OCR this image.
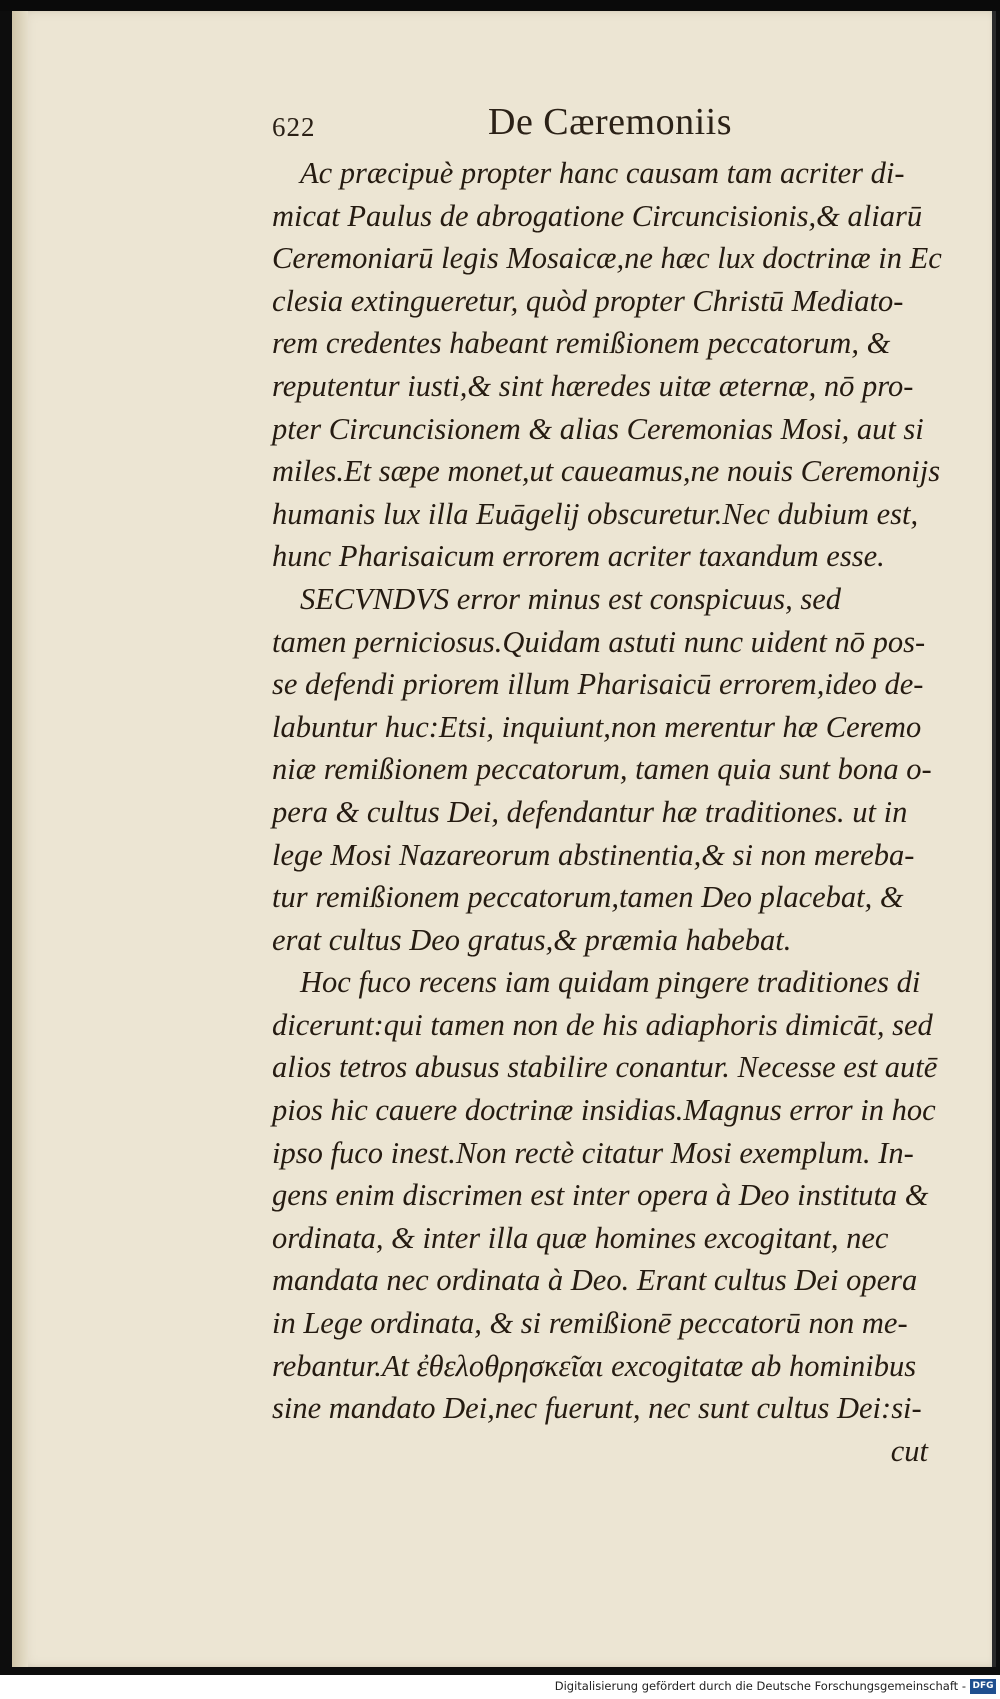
622	De Cæremoniis
Ac præcipuè propter hanc causam tam acriter di-
micat Paulus de abrogatione Circuncisionis,& aliarū
Ceremoniarū legis Mosaicæ,ne hæc lux doctrinæ in Ec
clesia extingueretur, quòd propter Christū Mediato-
rem credentes habeant remißionem peccatorum, &
reputentur iusti,& sint hæredes uitæ æternæ, nō pro-
pter Circuncisionem & alias Ceremonias Mosi, aut si
miles.Et sæpe monet,ut caueamus,ne nouis Ceremonijs
humanis lux illa Euāgelij obscuretur.Nec dubium est,
hunc Pharisaicum errorem acriter taxandum esse.
SECVNDVS error minus est conspicuus, sed
tamen perniciosus.Quidam astuti nunc uident nō pos-
se defendi priorem illum Pharisaicū errorem,ideo de-
labuntur huc:Etsi, inquiunt,non merentur hæ Ceremo
niæ remißionem peccatorum, tamen quia sunt bona o-
pera & cultus Dei, defendantur hæ traditiones. ut in
lege Mosi Nazareorum abstinentia,& si non mereba-
tur remißionem peccatorum,tamen Deo placebat, &
erat cultus Deo gratus,& præmia habebat.
Hoc fuco recens iam quidam pingere traditiones di
dicerunt:qui tamen non de his adiaphoris dimicāt, sed
alios tetros abusus stabilire conantur. Necesse est autē
pios hic cauere doctrinæ insidias.Magnus error in hoc
ipso fuco inest.Non rectè citatur Mosi exemplum. In-
gens enim discrimen est inter opera à Deo instituta &
ordinata, & inter illa quæ homines excogitant, nec
mandata nec ordinata à Deo. Erant cultus Dei opera
in Lege ordinata, & si remißionē peccatorū non me-
rebantur.At ἐθελοθρησκεῖαι excogitatæ ab hominibus
sine mandato Dei,nec fuerunt, nec sunt cultus Dei:si-
cut
Digitalisierung gefördert durch die Deutsche Forschungsgemeinschaft - DFG
